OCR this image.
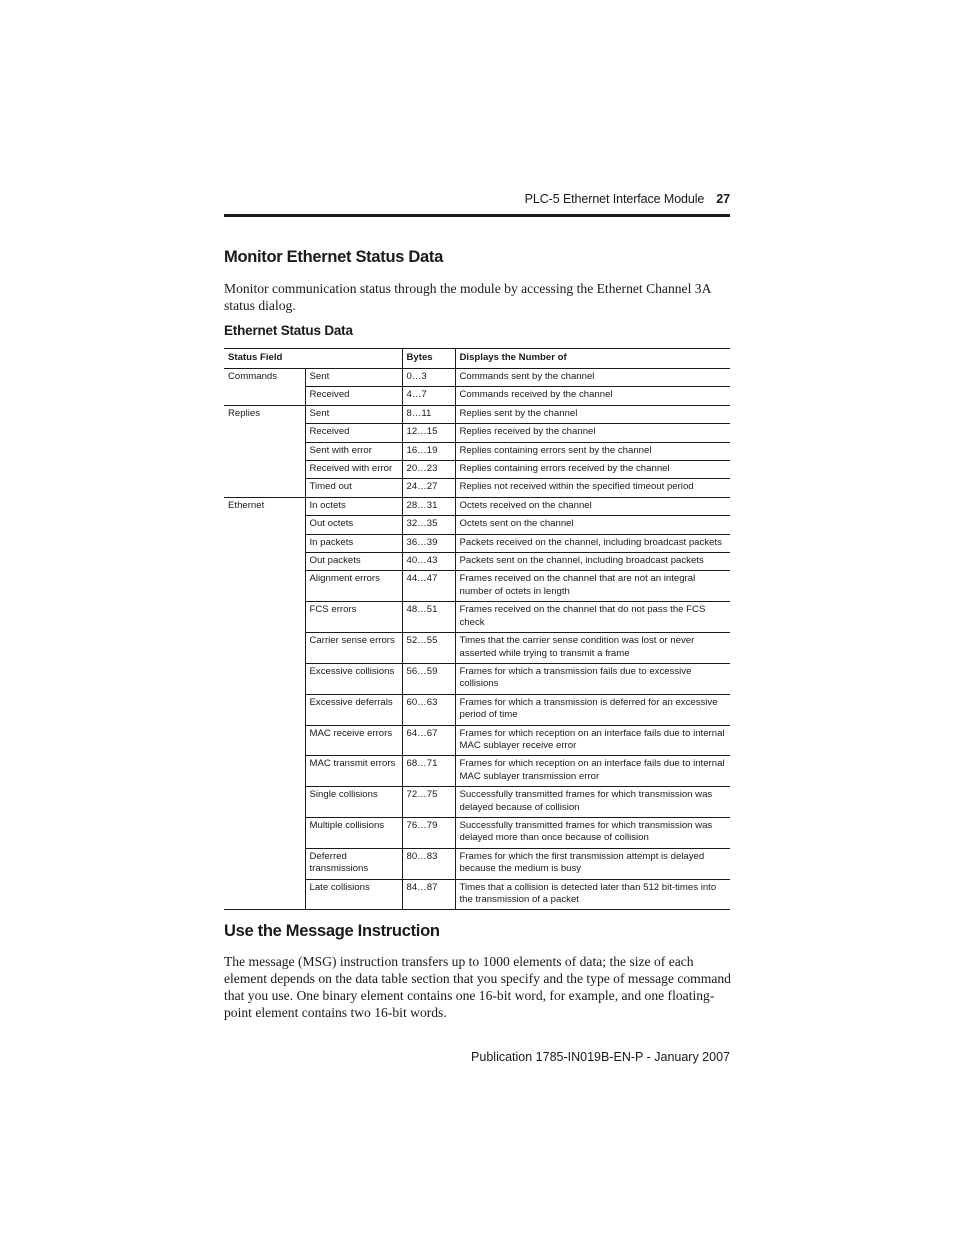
PLC-5 Ethernet Interface Module 27
Monitor Ethernet Status Data

Monitor communication status through the module by accessing the Ethernet Channel 3A status dialog.

Ethernet Status Data
Status Field		Bytes	Displays the Number of
Commands	Sent	0…3	Commands sent by the channel
	Received	4…7	Commands received by the channel
Replies	Sent	8…11	Replies sent by the channel
	Received	12…15	Replies received by the channel
	Sent with error	16…19	Replies containing errors sent by the channel
	Received with error	20…23	Replies containing errors received by the channel
	Timed out	24…27	Replies not received within the specified timeout period
Ethernet	In octets	28…31	Octets received on the channel
	Out octets	32…35	Octets sent on the channel
	In packets	36…39	Packets received on the channel, including broadcast packets
	Out packets	40…43	Packets sent on the channel, including broadcast packets
	Alignment errors	44…47	Frames received on the channel that are not an integral number of octets in length
	FCS errors	48…51	Frames received on the channel that do not pass the FCS check
	Carrier sense errors	52…55	Times that the carrier sense condition was lost or never asserted while trying to transmit a frame
	Excessive collisions	56…59	Frames for which a transmission fails due to excessive collisions
	Excessive deferrals	60…63	Frames for which a transmission is deferred for an excessive period of time
	MAC receive errors	64…67	Frames for which reception on an interface fails due to internal MAC sublayer receive error
	MAC transmit errors	68…71	Frames for which reception on an interface fails due to internal MAC sublayer transmission error
	Single collisions	72…75	Successfully transmitted frames for which transmission was delayed because of collision
	Multiple collisions	76…79	Successfully transmitted frames for which transmission was delayed more than once because of collision
	Deferred transmissions	80…83	Frames for which the first transmission attempt is delayed because the medium is busy
	Late collisions	84…87	Times that a collision is detected later than 512 bit-times into the transmission of a packet
Use the Message Instruction

The message (MSG) instruction transfers up to 1000 elements of data; the size of each element depends on the data table section that you specify and the type of message command that you use. One binary element contains one 16-bit word, for example, and one floating-point element contains two 16-bit words.

Publication 1785-IN019B-EN-P - January 2007
